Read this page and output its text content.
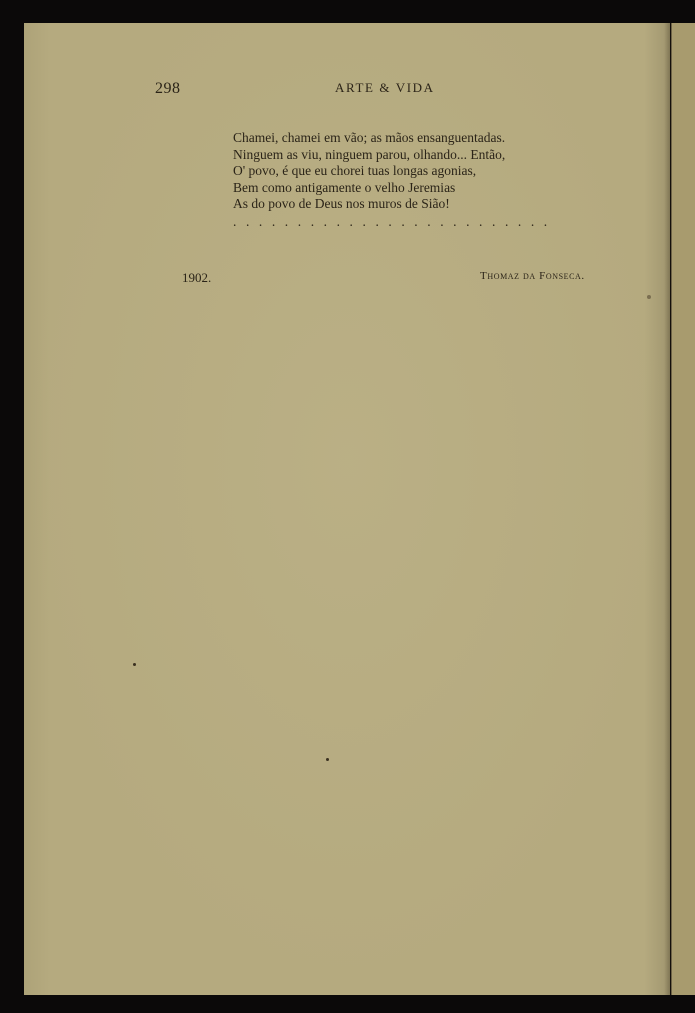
298	ARTE & VIDA
Chamei, chamei em vão; as mãos ensanguentadas.
Ninguem as viu, ninguem parou, olhando... Então,
O' povo, é que eu chorei tuas longas agonias,
Bem como antigamente o velho Jeremias
As do povo de Deus nos muros de Sião!
. . . . . . . . . . . . . . . . . . . . . . . . .
1902.	Thomaz da Fonseca.
